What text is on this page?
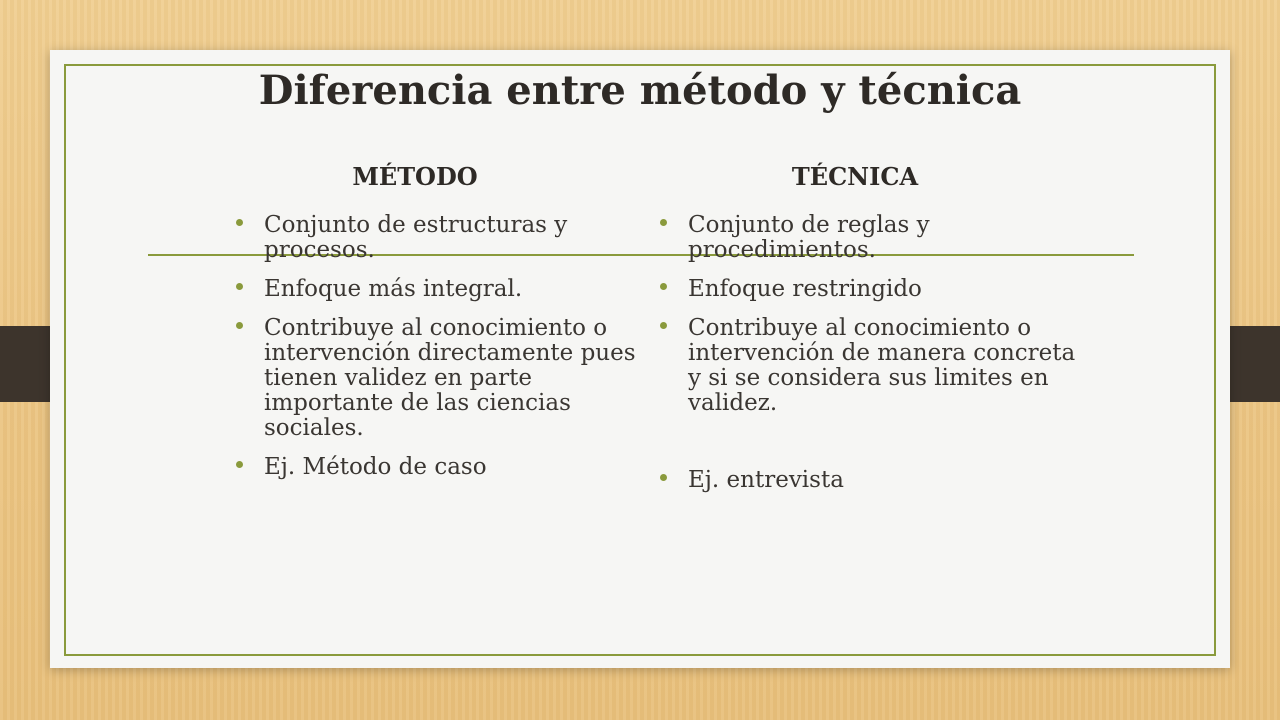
Diferencia entre método y técnica
MÉTODO	TÉCNICA
Conjunto de estructuras y procesos.
Enfoque más integral.
Contribuye al conocimiento o intervención directamente pues tienen validez en parte importante de las ciencias sociales.
Ej. Método de caso
Conjunto de reglas y procedimientos.
Enfoque restringido
Contribuye al conocimiento o intervención de manera concreta y si se considera sus limites en validez.
Ej. entrevista
